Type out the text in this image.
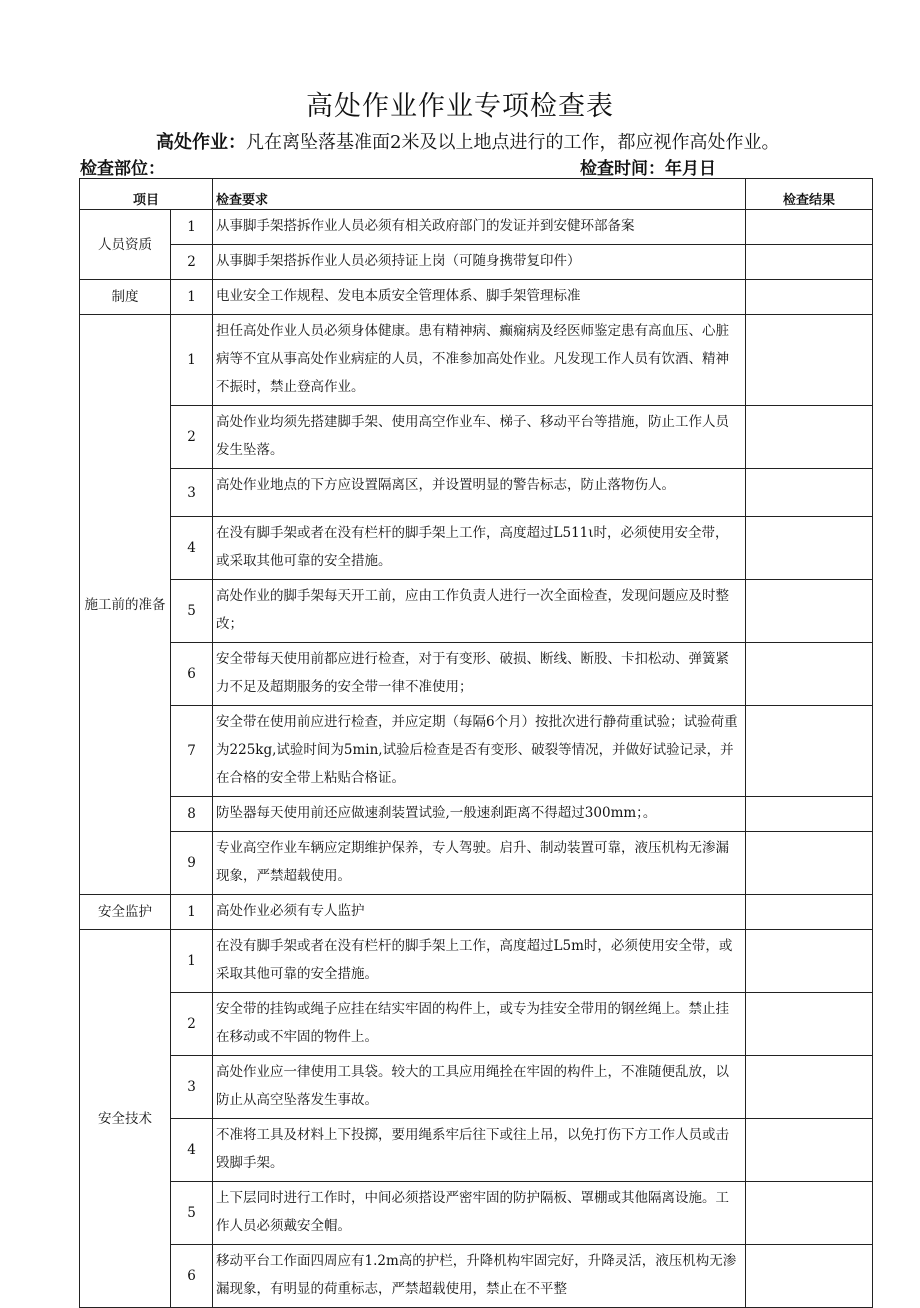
高处作业作业专项检查表
高处作业：凡在离坠落基准面2米及以上地点进行的工作，都应视作高处作业。
检查部位：	检查时间：年月日
项目		检查要求	检查结果
人员资质	1	从事脚手架搭拆作业人员必须有相关政府部门的发证并到安健环部备案	
	2	从事脚手架搭拆作业人员必须持证上岗（可随身携带复印件）	
制度	1	电业安全工作规程、发电本质安全管理体系、脚手架管理标准	
施工前的准备	1	担任高处作业人员必须身体健康。患有精神病、癫痫病及经医师鉴定患有高血压、心脏病等不宜从事高处作业病症的人员，不准参加高处作业。凡发现工作人员有饮酒、精神不振时，禁止登高作业。	
	2	高处作业均须先搭建脚手架、使用高空作业车、梯子、移动平台等措施，防止工作人员发生坠落。	
	3	高处作业地点的下方应设置隔离区，并设置明显的警告标志，防止落物伤人。	
	4	在没有脚手架或者在没有栏杆的脚手架上工作，高度超过L511ι时，必须使用安全带，或采取其他可靠的安全措施。	
	5	高处作业的脚手架每天开工前，应由工作负责人进行一次全面检查，发现问题应及时整改；	
	6	安全带每天使用前都应进行检查，对于有变形、破损、断线、断股、卡扣松动、弹簧紧力不足及超期服务的安全带一律不准使用；	
	7	安全带在使用前应进行检查，并应定期（每隔6个月）按批次进行静荷重试验；试验荷重为225kg,试验时间为5min,试验后检查是否有变形、破裂等情况，并做好试验记录，并在合格的安全带上粘贴合格证。	
	8	防坠器每天使用前还应做速刹装置试验,一般速刹距离不得超过300mm；。	
	9	专业高空作业车辆应定期维护保养，专人驾驶。启升、制动装置可靠，液压机构无渗漏现象，严禁超载使用。	
安全监护	1	高处作业必须有专人监护	
安全技术	1	在没有脚手架或者在没有栏杆的脚手架上工作，高度超过L5m时，必须使用安全带，或采取其他可靠的安全措施。	
	2	安全带的挂钩或绳子应挂在结实牢固的构件上，或专为挂安全带用的钢丝绳上。禁止挂在移动或不牢固的物件上。	
	3	高处作业应一律使用工具袋。较大的工具应用绳拴在牢固的构件上，不准随便乱放，以防止从高空坠落发生事故。	
	4	不准将工具及材料上下投掷，要用绳系牢后往下或往上吊，以免打伤下方工作人员或击毁脚手架。	
	5	上下层同时进行工作时，中间必须搭设严密牢固的防护隔板、罩棚或其他隔离设施。工作人员必须戴安全帽。	
	6	移动平台工作面四周应有1.2m高的护栏，升降机构牢固完好，升降灵活，液压机构无渗漏现象，有明显的荷重标志，严禁超载使用，禁止在不平整	
